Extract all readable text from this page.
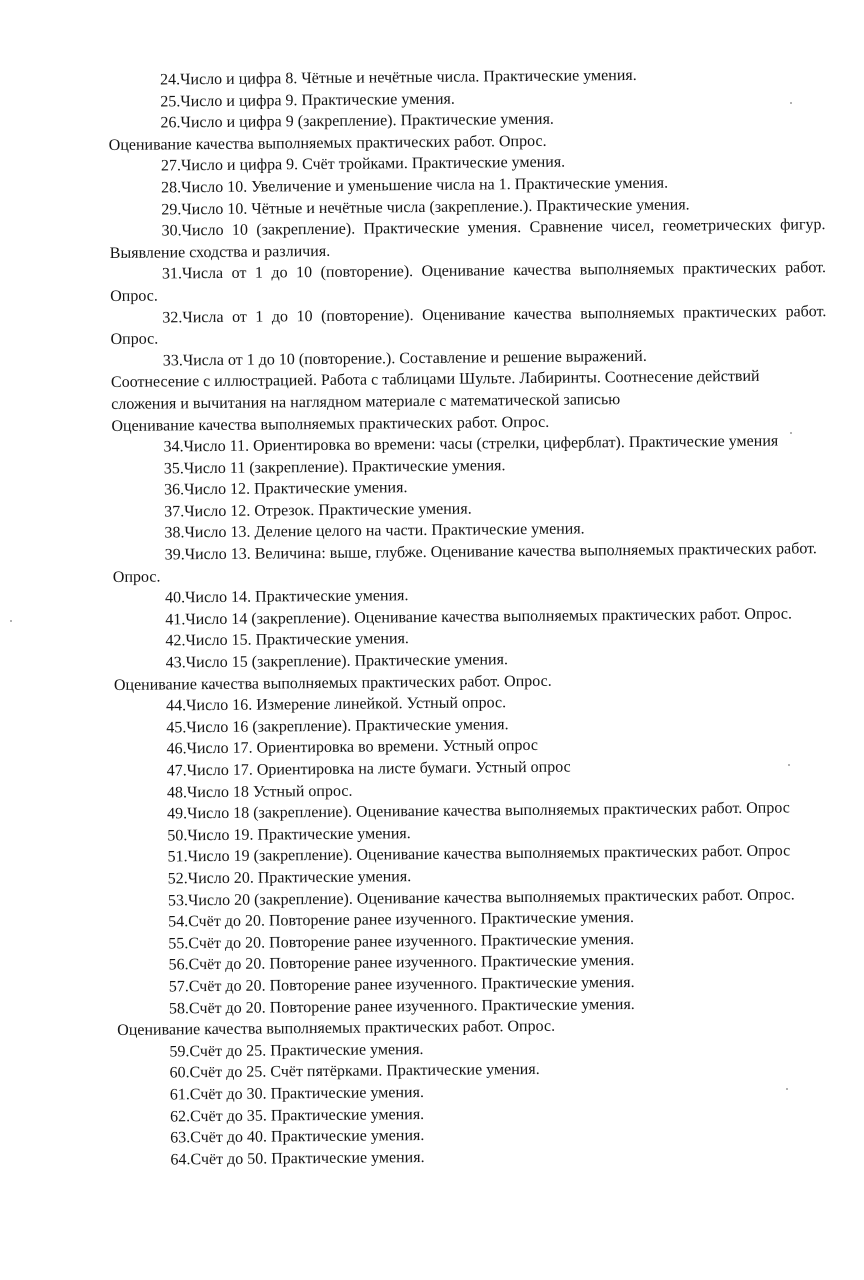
24.Число и цифра 8. Чётные и нечётные числа. Практические умения.

25.Число и цифра 9. Практические умения.

26.Число и цифра 9 (закрепление). Практические умения.

Оценивание качества выполняемых практических работ. Опрос.

27.Число и цифра 9. Счёт тройками. Практические умения.

28.Число 10. Увеличение и уменьшение числа на 1. Практические умения.

29.Число 10. Чётные и нечётные числа (закрепление.). Практические умения.

30.Число 10 (закрепление). Практические умения. Сравнение чисел, геометрических фигур. Выявление сходства и различия.

31.Числа от 1 до 10 (повторение). Оценивание качества выполняемых практических работ. Опрос.

32.Числа от 1 до 10 (повторение). Оценивание качества выполняемых практических работ. Опрос.

33.Числа от 1 до 10 (повторение.). Составление и решение выражений.

Соотнесение с иллюстрацией. Работа с таблицами Шульте. Лабиринты. Соотнесение действий сложения и вычитания на наглядном материале с математической записью

Оценивание качества выполняемых практических работ. Опрос.

34.Число 11. Ориентировка во времени: часы (стрелки, циферблат). Практические умения

35.Число 11 (закрепление). Практические умения.

36.Число 12. Практические умения.

37.Число 12. Отрезок. Практические умения.

38.Число 13. Деление целого на части. Практические умения.

39.Число 13. Величина: выше, глубже. Оценивание качества выполняемых практических работ. Опрос.

40.Число 14. Практические умения.

41.Число 14 (закрепление). Оценивание качества выполняемых практических работ. Опрос.

42.Число 15. Практические умения.

43.Число 15 (закрепление). Практические умения.

Оценивание качества выполняемых практических работ. Опрос.

44.Число 16. Измерение линейкой. Устный опрос.

45.Число 16 (закрепление). Практические умения.

46.Число 17. Ориентировка во времени. Устный опрос

47.Число 17. Ориентировка на листе бумаги. Устный опрос

48.Число 18 Устный опрос.

49.Число 18 (закрепление). Оценивание качества выполняемых практических работ. Опрос

50.Число 19. Практические умения.

51.Число 19 (закрепление). Оценивание качества выполняемых практических работ. Опрос

52.Число 20. Практические умения.

53.Число 20 (закрепление). Оценивание качества выполняемых практических работ. Опрос.

54.Счёт до 20. Повторение ранее изученного. Практические умения.

55.Счёт до 20. Повторение ранее изученного. Практические умения.

56.Счёт до 20. Повторение ранее изученного. Практические умения.

57.Счёт до 20. Повторение ранее изученного. Практические умения.

58.Счёт до 20. Повторение ранее изученного. Практические умения.

Оценивание качества выполняемых практических работ. Опрос.

59.Счёт до 25. Практические умения.

60.Счёт до 25. Счёт пятёрками. Практические умения.

61.Счёт до 30. Практические умения.

62.Счёт до 35. Практические умения.

63.Счёт до 40. Практические умения.

64.Счёт до 50. Практические умения.
